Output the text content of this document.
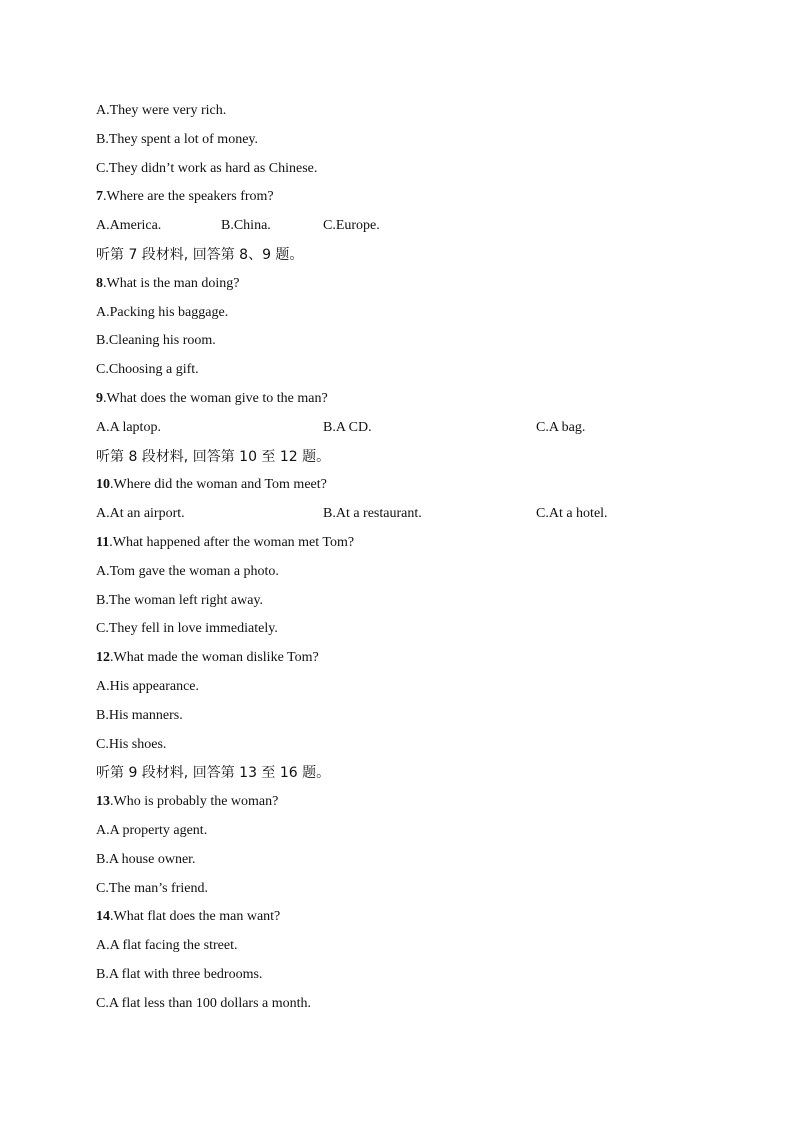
A.They were very rich.
B.They spent a lot of money.
C.They didn’t work as hard as Chinese.
7.Where are the speakers from?
A.America.	B.China.	C.Europe.
听第 7 段材料, 回答第 8、9 题。
8.What is the man doing?
A.Packing his baggage.
B.Cleaning his room.
C.Choosing a gift.
9.What does the woman give to the man?
A.A laptop.	B.A CD.	C.A bag.
听第 8 段材料, 回答第 10 至 12 题。
10.Where did the woman and Tom meet?
A.At an airport.	B.At a restaurant.	C.At a hotel.
11.What happened after the woman met Tom?
A.Tom gave the woman a photo.
B.The woman left right away.
C.They fell in love immediately.
12.What made the woman dislike Tom?
A.His appearance.
B.His manners.
C.His shoes.
听第 9 段材料, 回答第 13 至 16 题。
13.Who is probably the woman?
A.A property agent.
B.A house owner.
C.The man’s friend.
14.What flat does the man want?
A.A flat facing the street.
B.A flat with three bedrooms.
C.A flat less than 100 dollars a month.
